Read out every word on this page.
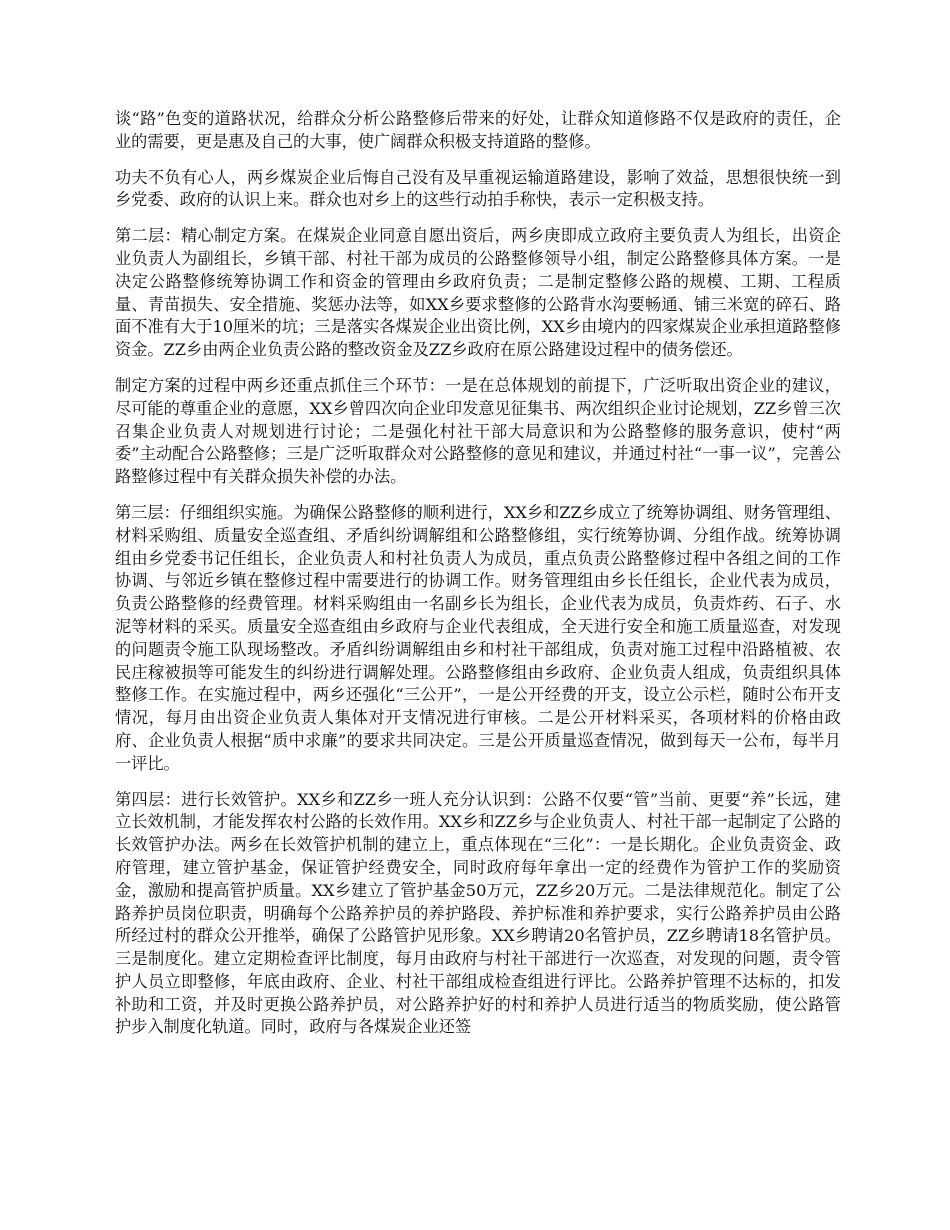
谈“路”色变的道路状况，给群众分析公路整修后带来的好处，让群众知道修路不仅是政府的责任，企业的需要，更是惠及自己的大事，使广阔群众积极支持道路的整修。

功夫不负有心人，两乡煤炭企业后悔自己没有及早重视运输道路建设，影响了效益，思想很快统一到乡党委、政府的认识上来。群众也对乡上的这些行动拍手称快，表示一定积极支持。

第二层：精心制定方案。在煤炭企业同意自愿出资后，两乡庚即成立政府主要负责人为组长，出资企业负责人为副组长，乡镇干部、村社干部为成员的公路整修领导小组，制定公路整修具体方案。一是决定公路整修统筹协调工作和资金的管理由乡政府负责；二是制定整修公路的规模、工期、工程质量、青苗损失、安全措施、奖惩办法等，如XX乡要求整修的公路背水沟要畅通、铺三米宽的碎石、路面不准有大于10厘米的坑；三是落实各煤炭企业出资比例，XX乡由境内的四家煤炭企业承担道路整修资金。ZZ乡由两企业负责公路的整改资金及ZZ乡政府在原公路建设过程中的债务偿还。

制定方案的过程中两乡还重点抓住三个环节：一是在总体规划的前提下，广泛听取出资企业的建议，尽可能的尊重企业的意愿，XX乡曾四次向企业印发意见征集书、两次组织企业讨论规划，ZZ乡曾三次召集企业负责人对规划进行讨论；二是强化村社干部大局意识和为公路整修的服务意识，使村“两委”主动配合公路整修；三是广泛听取群众对公路整修的意见和建议，并通过村社“一事一议”，完善公路整修过程中有关群众损失补偿的办法。

第三层：仔细组织实施。为确保公路整修的顺利进行，XX乡和ZZ乡成立了统筹协调组、财务管理组、材料采购组、质量安全巡查组、矛盾纠纷调解组和公路整修组，实行统筹协调、分组作战。统筹协调组由乡党委书记任组长，企业负责人和村社负责人为成员，重点负责公路整修过程中各组之间的工作协调、与邻近乡镇在整修过程中需要进行的协调工作。财务管理组由乡长任组长，企业代表为成员，负责公路整修的经费管理。材料采购组由一名副乡长为组长，企业代表为成员，负责炸药、石子、水泥等材料的采买。质量安全巡查组由乡政府与企业代表组成，全天进行安全和施工质量巡查，对发现的问题责令施工队现场整改。矛盾纠纷调解组由乡和村社干部组成，负责对施工过程中沿路植被、农民庄稼被损等可能发生的纠纷进行调解处理。公路整修组由乡政府、企业负责人组成，负责组织具体整修工作。在实施过程中，两乡还强化“三公开”，一是公开经费的开支，设立公示栏，随时公布开支情况，每月由出资企业负责人集体对开支情况进行审核。二是公开材料采买，各项材料的价格由政府、企业负责人根据“质中求廉”的要求共同决定。三是公开质量巡查情况，做到每天一公布，每半月一评比。

第四层：进行长效管护。XX乡和ZZ乡一班人充分认识到：公路不仅要“管”当前、更要“养”长远，建立长效机制，才能发挥农村公路的长效作用。XX乡和ZZ乡与企业负责人、村社干部一起制定了公路的长效管护办法。两乡在长效管护机制的建立上，重点体现在“三化”：一是长期化。企业负责资金、政府管理，建立管护基金，保证管护经费安全，同时政府每年拿出一定的经费作为管护工作的奖励资金，激励和提高管护质量。XX乡建立了管护基金50万元，ZZ乡20万元。二是法律规范化。制定了公路养护员岗位职责，明确每个公路养护员的养护路段、养护标准和养护要求，实行公路养护员由公路所经过村的群众公开推举，确保了公路管护见形象。XX乡聘请20名管护员，ZZ乡聘请18名管护员。三是制度化。建立定期检查评比制度，每月由政府与村社干部进行一次巡查，对发现的问题，责令管护人员立即整修，年底由政府、企业、村社干部组成检查组进行评比。公路养护管理不达标的，扣发补助和工资，并及时更换公路养护员，对公路养护好的村和养护人员进行适当的物质奖励，使公路管护步入制度化轨道。同时，政府与各煤炭企业还签
